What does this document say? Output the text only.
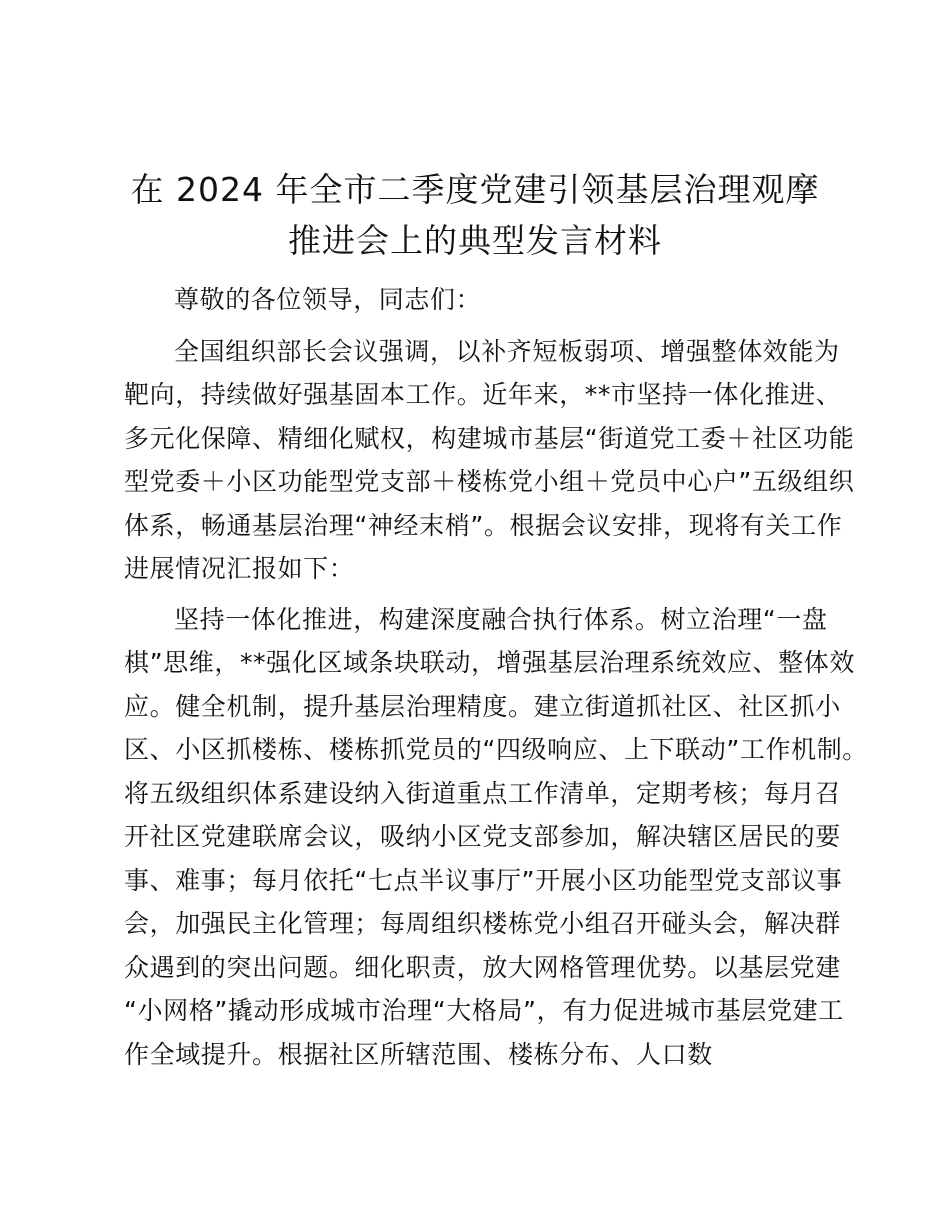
在 2024 年全市二季度党建引领基层治理观摩
推进会上的典型发言材料

尊敬的各位领导，同志们：

全国组织部长会议强调，以补齐短板弱项、增强整体效能为

靶向，持续做好强基固本工作。近年来，**市坚持一体化推进、

多元化保障、精细化赋权，构建城市基层“街道党工委＋社区功能

型党委＋小区功能型党支部＋楼栋党小组＋党员中心户”五级组织

体系，畅通基层治理“神经末梢”。根据会议安排，现将有关工作

进展情况汇报如下：

坚持一体化推进，构建深度融合执行体系。树立治理“一盘

棋”思维，**强化区域条块联动，增强基层治理系统效应、整体效

应。健全机制，提升基层治理精度。建立街道抓社区、社区抓小

区、小区抓楼栋、楼栋抓党员的“四级响应、上下联动”工作机制。

将五级组织体系建设纳入街道重点工作清单，定期考核；每月召

开社区党建联席会议，吸纳小区党支部参加，解决辖区居民的要

事、难事；每月依托“七点半议事厅”开展小区功能型党支部议事

会，加强民主化管理；每周组织楼栋党小组召开碰头会，解决群

众遇到的突出问题。细化职责，放大网格管理优势。以基层党建

“小网格”撬动形成城市治理“大格局”，有力促进城市基层党建工

作全域提升。根据社区所辖范围、楼栋分布、人口数
